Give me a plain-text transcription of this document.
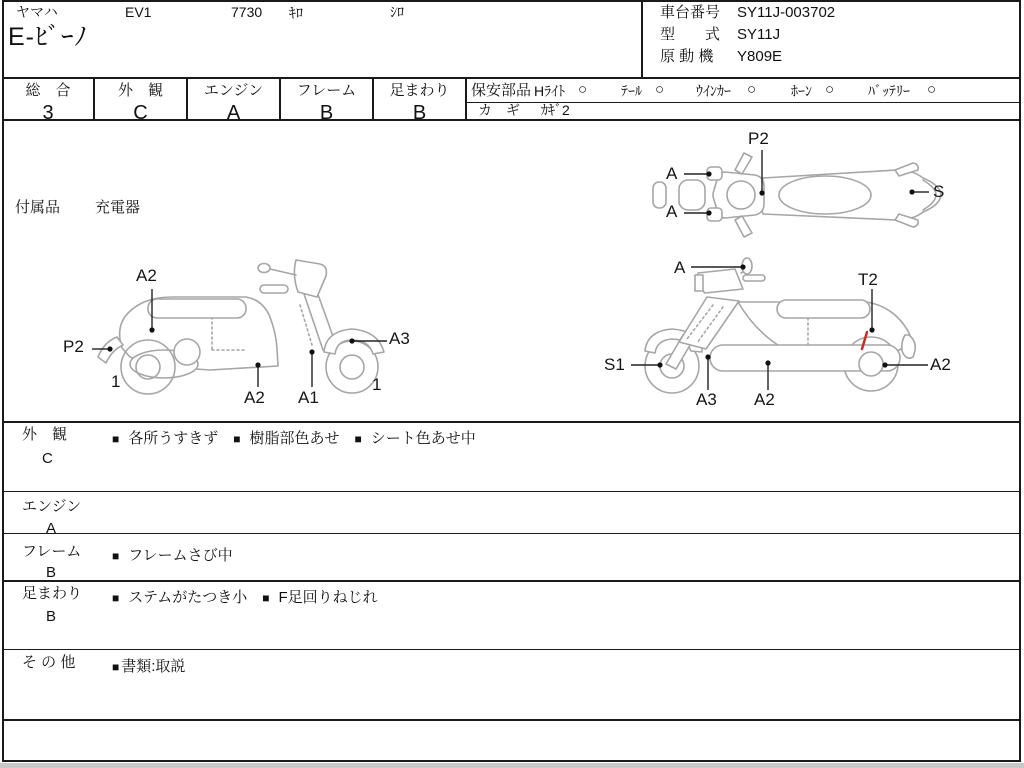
ヤマハ	EV1	7730 ｷﾛ	ｼﾛ
E-ﾋﾞｰﾉ
車台番号 SY11J-003702
型　　式 SY11J
原 動 機 Y809E
総　合
3
外　観
C
エンジン
A
フレーム
B
足まわり
B
保安部品 Hﾗｲﾄ ○ ﾃｰﾙ ○ ｳｲﾝｶｰ ○ ﾎｰﾝ ○ ﾊﾞｯﾃﾘｰ ○
カ　ギ ｶｷﾞ2
付属品 充電器
P2
A
A
S
A2
P2
1
A2 A1
A3
1
A
T2
S1
A3 A2
A2
外　観
C
■ 各所うすきず ■ 樹脂部色あせ ■ シート色あせ中
エンジン
A
フレーム
B
■ フレームさび中
足まわり
B
■ ステムがたつき小 ■ F足回りねじれ
そ の 他	■ 書類:取説
